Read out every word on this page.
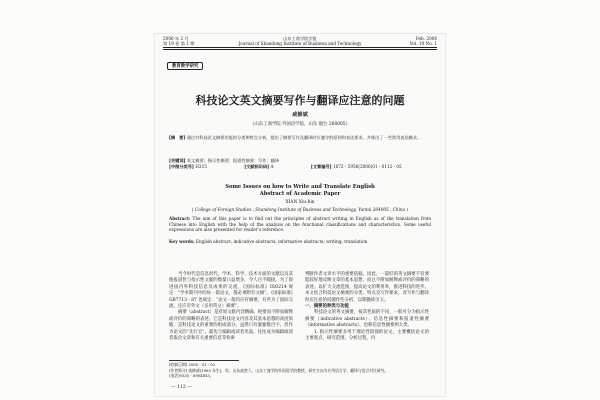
2006 年 2 月
第 19 卷 第 1 期
山东工商学院学报
Journal of Shandong Institute of Business and Technology
Feb. 2006
Vol. 19 No. 1
教育教学研究
科技论文英文摘要写作与翻译应注意的问题
咸修斌
（山东工商学院 外国语学院，山东 烟台 264005）
[摘　要] 通过对科技论文摘要功能的分类和特点分析，提出了摘要写作及翻译时应遵守的原则和表达要求，并推出了一些常用表达模式。
[关键词] 英文摘要；指示性摘要；报道性摘要；写作；翻译
[中图分类号] H315	[文献标识码] A	[文章编号] 1672 - 5956(2006)01 - 0112 - 05
Some Issues on how to Write and Translate English
Abstract of Academic Paper
XIAN Xiu-bin
( College of Foreign Studies , Shandong Institute of Business and Technology, Yantai 264005 , China )
Abstract: The aim of this paper is to find out the principles of abstract writing in English as of the translation from Chinese into English with the help of the analysis on the functional classifications and characteristics. Some useful expressions are also presented for reader's reference.
Key words: English abstract; indicative abstracts; informative abstracts; writing; translation

当今时代是信息时代，学术、科学、技术方面的文献以及其他报道性与指示性文献的数量日益增多，令人目不暇接。为了促进国内外科技信息及成果的交流，《国际标准》ISO214 规定：“学术期刊中的每一篇论文，都必须附有文摘”。《国家标准》GB7713 - 87 也规定：“论文一般均应有摘要，有些为了国际交流，还应有外文（多用英文）摘要”。

摘要（abstract）是对原文献内容精确、扼要而不附加解释或评价的简略的表述。它是科技论文内容及其基本思想的高度浓缩，是科技论文的重要的组成部分。虽然只有寥寥数百字，但作为论文的“先行官”，最先与编辑或读者见面，往往成为编辑或读者取舍文章和有关重要信息等检索

判断作者文章水平的重要依据。因此，一篇好的英文摘要不仅要能较好地反映文章的基本思想，而且不附加解释或评价的简略的表述。以扩大交流范围，提高论文的利用率，推进科技的进步。本文结合科技论文摘要的分类、特点及写作要求，对写作与翻译时应注意的问题作些分析，以期抛砖引玉。

一、摘要的种类与功能

科技论文的英文摘要，按其性质的不同，一般可分为指示性摘要（indicative abstracts）、信息性摘要和报道性摘要（informative abstracts）。也称信息性摘要两大类。

1. 指示性摘要多用于理论性较强的论文，主要概括论文的主要观点，研究范围，分析过程，内

[收稿日期] 2005 - 01 - 02
[作者简介] 咸修斌(1965 年生)，男，山东高密人，山东工商学院外国语学院教授，研究方向为应用语言学、翻译与语言对比研究。
(电话)0535 - 6904853。
— 112 —
